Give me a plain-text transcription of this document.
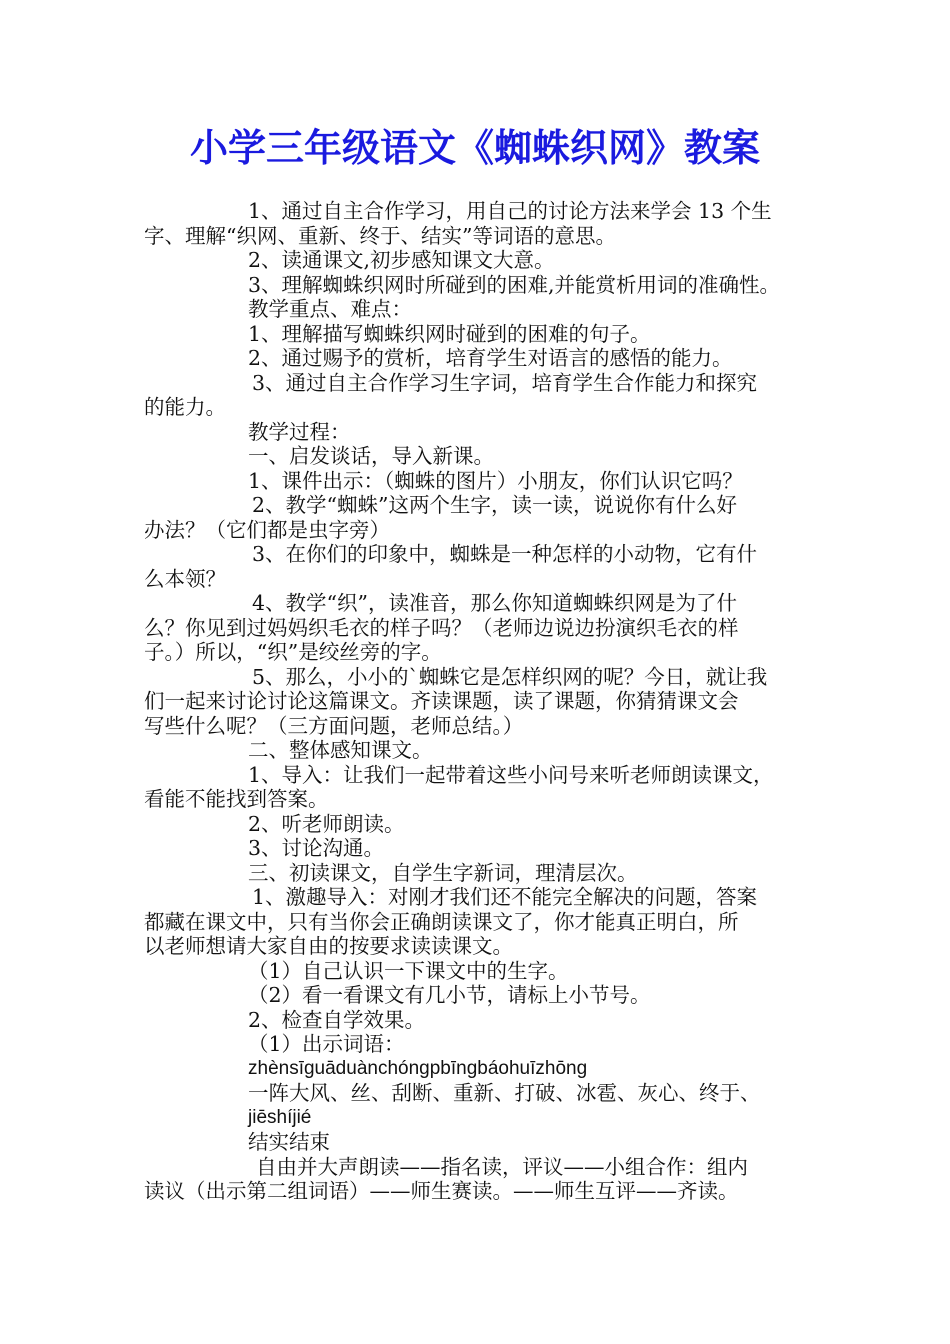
小学三年级语文《蜘蛛织网》教案

1、通过自主合作学习，用自己的讨论方法来学会 13 个生

字、理解“织网、重新、终于、结实”等词语的意思。

2、读通课文,初步感知课文大意。

3、理解蜘蛛织网时所碰到的困难,并能赏析用词的准确性。

教学重点、难点：

1、理解描写蜘蛛织网时碰到的困难的句子。

2、通过赐予的赏析，培育学生对语言的感悟的能力。

3、通过自主合作学习生字词，培育学生合作能力和探究

的能力。

教学过程：

一、启发谈话，导入新课。

1、课件出示：（蜘蛛的图片）小朋友，你们认识它吗？

2、教学“蜘蛛”这两个生字，读一读，说说你有什么好

办法？（它们都是虫字旁）

3、在你们的印象中，蜘蛛是一种怎样的小动物，它有什

么本领？

4、教学“织”，读准音，那么你知道蜘蛛织网是为了什

么？你见到过妈妈织毛衣的样子吗？（老师边说边扮演织毛衣的样

子。）所以，“织”是绞丝旁的字。

5、那么，小小的`蜘蛛它是怎样织网的呢？今日，就让我

们一起来讨论讨论这篇课文。齐读课题，读了课题，你猜猜课文会

写些什么呢？（三方面问题，老师总结。）

二、整体感知课文。

1、导入：让我们一起带着这些小问号来听老师朗读课文，

看能不能找到答案。

2、听老师朗读。

3、讨论沟通。

三、初读课文，自学生字新词，理清层次。

1、激趣导入：对刚才我们还不能完全解决的问题，答案

都藏在课文中，只有当你会正确朗读课文了，你才能真正明白，所

以老师想请大家自由的按要求读读课文。

（1）自己认识一下课文中的生字。

（2）看一看课文有几小节，请标上小节号。

2、检查自学效果。

（1）出示词语：

zhènsīguāduànchóngpbīngbáohuīzhōng

一阵大风、丝、刮断、重新、打破、冰雹、灰心、终于、

jiēshíjié

结实结束

自由并大声朗读——指名读，评议——小组合作：组内

读议（出示第二组词语）——师生赛读。——师生互评——齐读。
